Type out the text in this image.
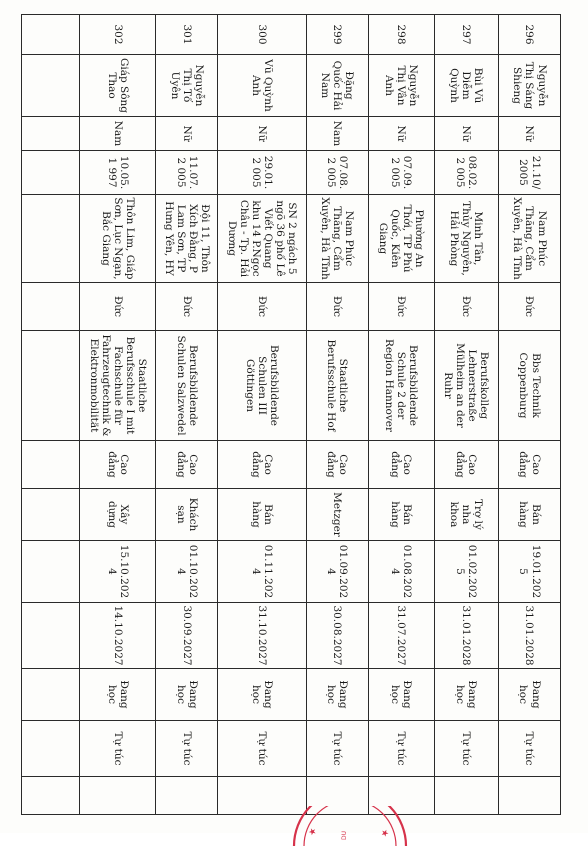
296	Nguyễn Thị Sáng Shieng	Nữ	21.10/ 2005	Nam Phúc Thăng, Cẩm Xuyên, Hà Tĩnh	Đức	Bbs Technik Coppenburg	Cao đẳng	Bán hàng	19.01.2025	31.01.2028	Đang học	Tự túc	
297	Bùi Vũ Diễm Quỳnh	Nữ	08.02.2 005	Minh Tân, Thủy Nguyên, Hải Phòng	Đức	Berufskolleg Lehnerstraße Mülheim an der Ruhr	Cao đẳng	Trợ lý nha khoa	01.02.2025	31.01.2028	Đang học	Tự túc	
298	Nguyễn Thị Vân Anh	Nữ	07.09.2 005	Phường An Thới, TP Phú Quốc, Kiên Giang	Đức	Berufsbildende Schule 2 der Region Hannover	Cao đẳng	Bán hàng	01.08.2024	31.07.2027	Đang học	Tự túc	
299	Đặng Quốc Hải Nam	Nam	07.08.2 005	Nam Phúc Thăng, Cẩm Xuyên, Hà Tĩnh	Đức	Staatliche Berufsschule Hof	Cao đẳng	Metzger	01.09.2024	30.08.2027	Đang học	Tự túc	
300	Vũ Quỳnh Anh	Nữ	29.01.2 005	SN 2 ngách 5 ngõ 36 phố Lê Viết Quang khu 14 P.Ngọc Châu - Tp. Hải Dương	Đức	Berufsbildende Schulen III Göttingen	Cao đẳng	Bán hàng	01.11.2024	31.10.2027	Đang học	Tự túc	
301	Nguyễn Thị Tố Uyên	Nữ	11.07.2 005	Đội 11, Thôn Xích Đằng, P Lam Sơn, TP Hưng Yên, HY	Đức	Berufsbildende Schulen Salzwedel	Cao đẳng	Khách sạn	01.10.2024	30.09.2027	Đang học	Tự túc	
302	Giáp Sông Thao	Nam	10.05.1 997	Thôn Lim, Giáp Sơn, Lục Ngạn, Bắc Giang	Đức	Staatliche Berufsschule I mit Fachschule für Fahrzeugtechnik & Elektronmobilität	Cao đẳng	Xây dựng	15.10.2024	14.10.2027	Đang học	Tự túc	

★	★
DU
